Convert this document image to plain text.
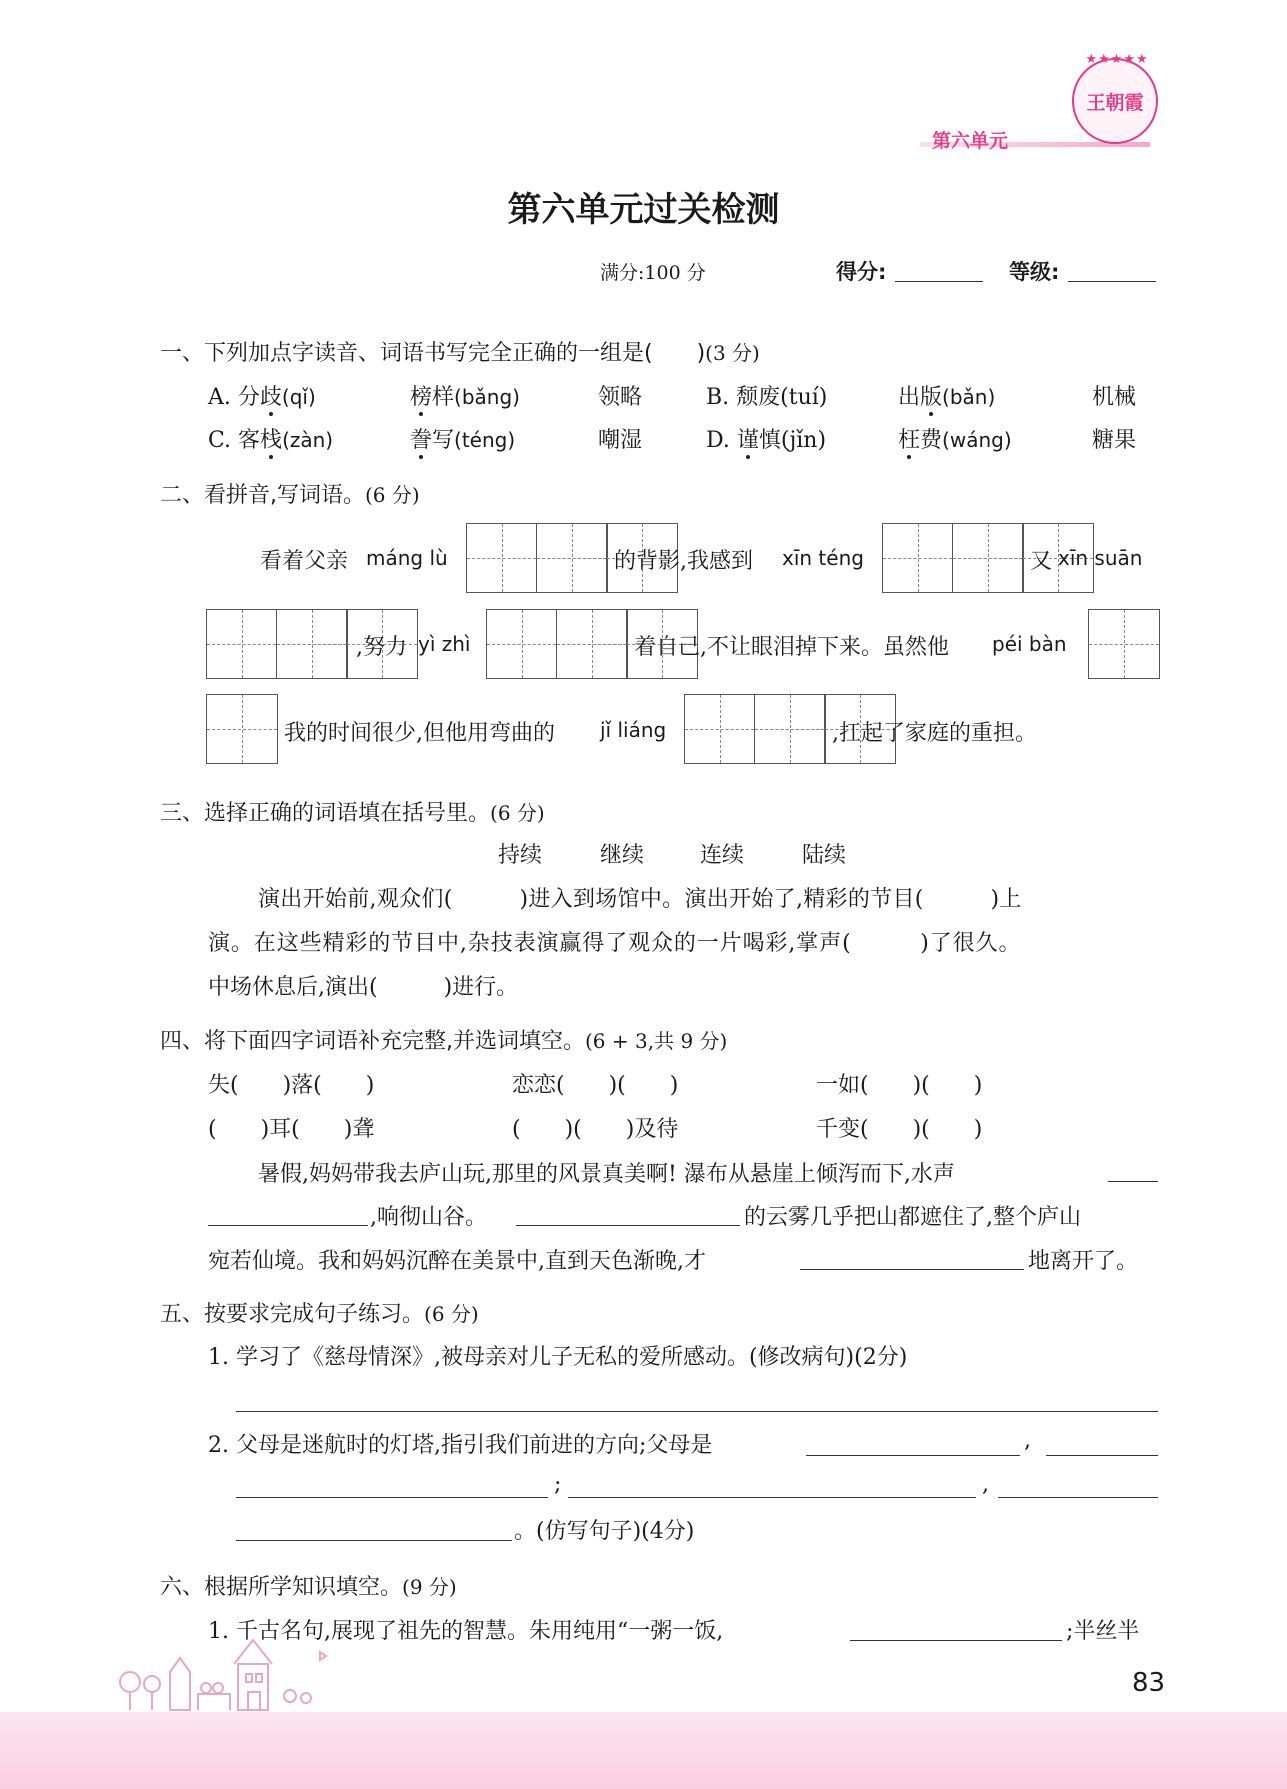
第六单元
★★★★★
王朝霞
第六单元过关检测
满分:100 分	得分:	等级:
一、下列加点字读音、词语书写完全正确的一组是(　　)(3 分)
A. 分歧(qǐ)	榜样(bǎng)	领略	B. 颓废(tuí)	出版(bǎn)	机械
C. 客栈(zàn)	誊写(téng)	嘲湿	D. 谨慎(jǐn)	枉费(wáng)	糖果
二、看拼音,写词语。(6 分)
看着父亲 máng lù	的背影,我感到 xīn téng	又 xīn suān
,努力 yì zhì	着自己,不让眼泪掉下来。虽然他 péi bàn
我的时间很少,但他用弯曲的 jǐ liáng	,扛起了家庭的重担。
三、选择正确的词语填在括号里。(6 分)
持续	继续	连续	陆续
演出开始前,观众们(　　　)进入到场馆中。演出开始了,精彩的节目(　　　)上
演。在这些精彩的节目中,杂技表演赢得了观众的一片喝彩,掌声(　　　)了很久。
中场休息后,演出(　　　)进行。
四、将下面四字词语补充完整,并选词填空。(6 + 3,共 9 分)
失(　　)落(　　)	恋恋(　　)(　　)	一如(　　)(　　)
(　　)耳(　　)聋	(　　)(　　)及待	千变(　　)(　　)
暑假,妈妈带我去庐山玩,那里的风景真美啊! 瀑布从悬崖上倾泻而下,水声
,响彻山谷。	的云雾几乎把山都遮住了,整个庐山
宛若仙境。我和妈妈沉醉在美景中,直到天色渐晚,才	地离开了。
五、按要求完成句子练习。(6 分)
1. 学习了《慈母情深》,被母亲对儿子无私的爱所感动。(修改病句)(2分)
2. 父母是迷航时的灯塔,指引我们前进的方向;父母是	,
;	,
。(仿写句子)(4分)
六、根据所学知识填空。(9 分)
1. 千古名句,展现了祖先的智慧。朱用纯用“一粥一饭,	;半丝半
83
